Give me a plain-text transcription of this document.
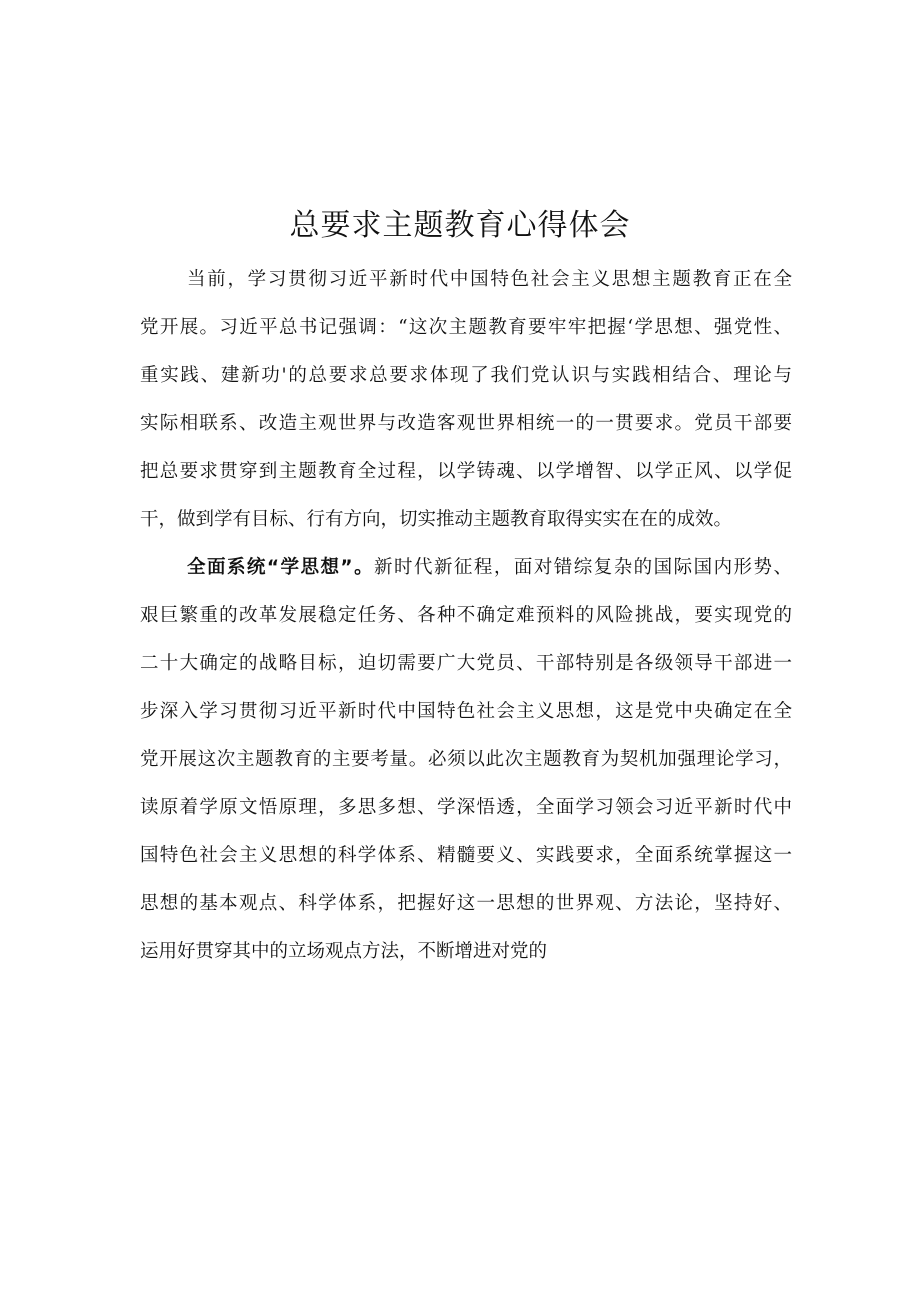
总要求主题教育心得体会
当前，学习贯彻习近平新时代中国特色社会主义思想主题教育正在全
党开展。习近平总书记强调：“这次主题教育要牢牢把握‘学思想、强党性、
重实践、建新功'的总要求总要求体现了我们党认识与实践相结合、理论与
实际相联系、改造主观世界与改造客观世界相统一的一贯要求。党员干部要
把总要求贯穿到主题教育全过程，以学铸魂、以学增智、以学正风、以学促
干，做到学有目标、行有方向，切实推动主题教育取得实实在在的成效。
全面系统“学思想”。新时代新征程，面对错综复杂的国际国内形势、
艰巨繁重的改革发展稳定任务、各种不确定难预料的风险挑战，要实现党的
二十大确定的战略目标，迫切需要广大党员、干部特别是各级领导干部进一
步深入学习贯彻习近平新时代中国特色社会主义思想，这是党中央确定在全
党开展这次主题教育的主要考量。必须以此次主题教育为契机加强理论学习，
读原着学原文悟原理，多思多想、学深悟透，全面学习领会习近平新时代中
国特色社会主义思想的科学体系、精髓要义、实践要求，全面系统掌握这一
思想的基本观点、科学体系，把握好这一思想的世界观、方法论，坚持好、
运用好贯穿其中的立场观点方法，不断增进对党的
